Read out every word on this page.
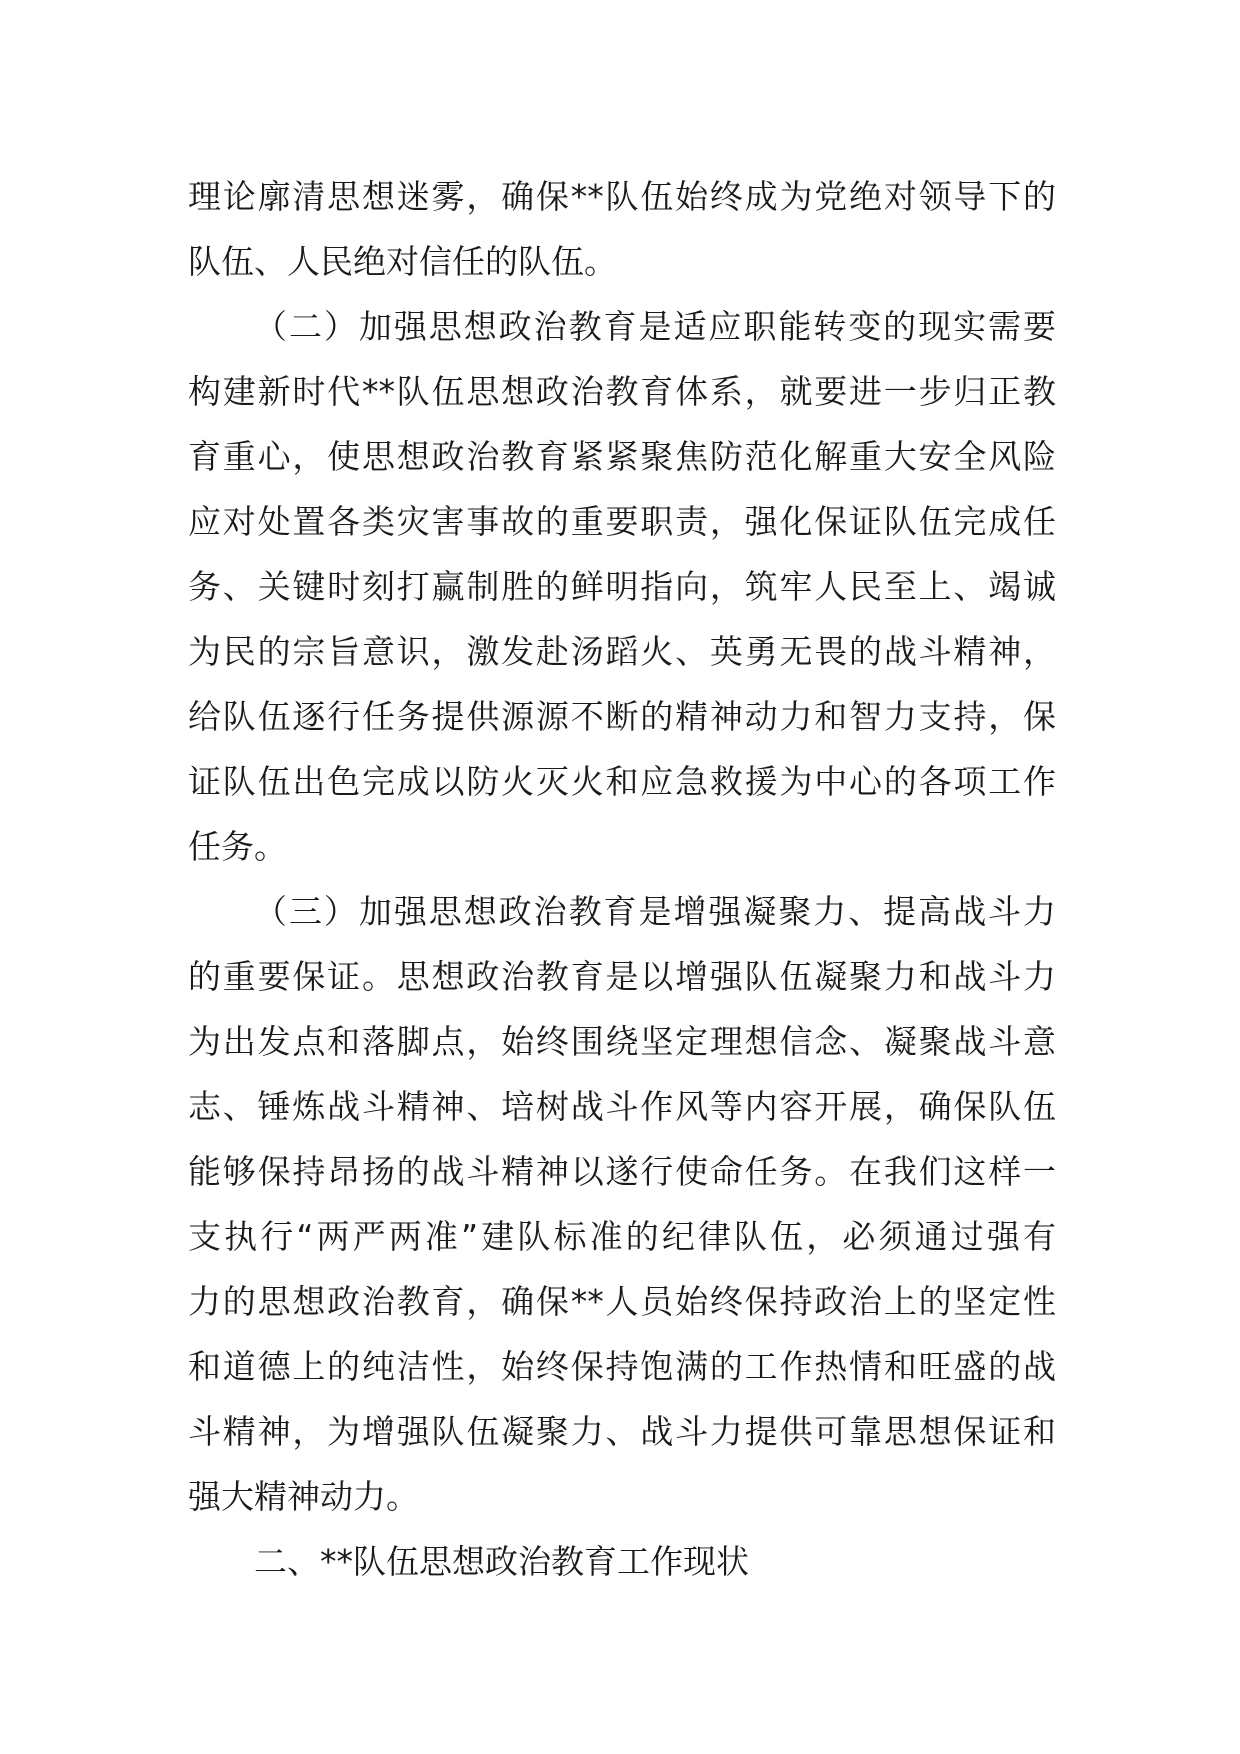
理论廓清思想迷雾，确保**队伍始终成为党绝对领导下的
队伍、人民绝对信任的队伍。
（二）加强思想政治教育是适应职能转变的现实需要
构建新时代**队伍思想政治教育体系，就要进一步归正教
育重心，使思想政治教育紧紧聚焦防范化解重大安全风险
应对处置各类灾害事故的重要职责，强化保证队伍完成任
务、关键时刻打赢制胜的鲜明指向，筑牢人民至上、竭诚
为民的宗旨意识，激发赴汤蹈火、英勇无畏的战斗精神，
给队伍逐行任务提供源源不断的精神动力和智力支持，保
证队伍出色完成以防火灭火和应急救援为中心的各项工作
任务。
（三）加强思想政治教育是增强凝聚力、提高战斗力
的重要保证。思想政治教育是以增强队伍凝聚力和战斗力
为出发点和落脚点，始终围绕坚定理想信念、凝聚战斗意
志、锤炼战斗精神、培树战斗作风等内容开展，确保队伍
能够保持昂扬的战斗精神以遂行使命任务。在我们这样一
支执行“两严两准”建队标准的纪律队伍，必须通过强有
力的思想政治教育，确保**人员始终保持政治上的坚定性
和道德上的纯洁性，始终保持饱满的工作热情和旺盛的战
斗精神，为增强队伍凝聚力、战斗力提供可靠思想保证和
强大精神动力。
二、**队伍思想政治教育工作现状
